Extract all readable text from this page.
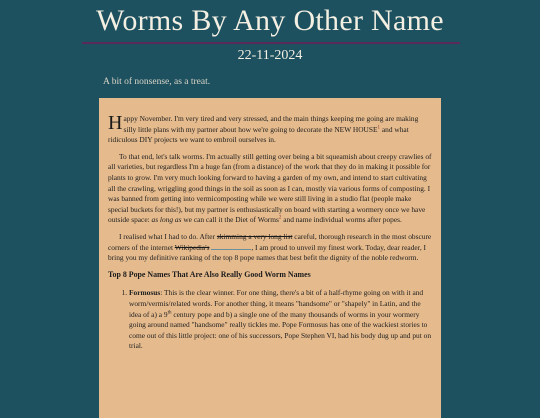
Worms By Any Other Name
22-11-2024
A bit of nonsense, as a treat.

Happy November. I'm very tired and very stressed, and the main things keeping me going are making silly little plans with my partner about how we're going to decorate the NEW HOUSE$^1$ and what ridiculous DIY projects we want to embroil ourselves in.

To that end, let's talk worms. I'm actually still getting over being a bit squeamish about creepy crawlies of all varieties, but regardless I'm a huge fan (from a distance) of the work that they do in making it possible for plants to grow. I'm very much looking forward to having a garden of my own, and intend to start cultivating all the crawling, wriggling good things in the soil as soon as I can, mostly via various forms of composting. I was banned from getting into vermicomposting while we were still living in a studio flat (people make special buckets for this!), but my partner is enthusiastically on board with starting a wormery once we have outside space: as long as we can call it the Diet of Worms$^2$ and name individual worms after popes.

I realised what I had to do. After skimming a very long list careful, thorough research in the most obscure corners of the internet Wikipedia's	, I am proud to unveil my finest work. Today, dear reader, I bring you my definitive ranking of the top 8 pope names that best befit the dignity of the noble redworm.

Top 8 Pope Names That Are Also Really Good Worm Names
1. Formosus: This is the clear winner. For one thing, there's a bit of a half-rhyme going on with it and worm/vermis/related words. For another thing, it means "handsome" or "shapely" in Latin, and the idea of a) a 9th century pope and b) a single one of the many thousands of worms in your wormery going around named "handsome" really tickles me. Pope Formosus has one of the wackiest stories to come out of this little project: one of his successors, Pope Stephen VI, had his body dug up and put on trial.
